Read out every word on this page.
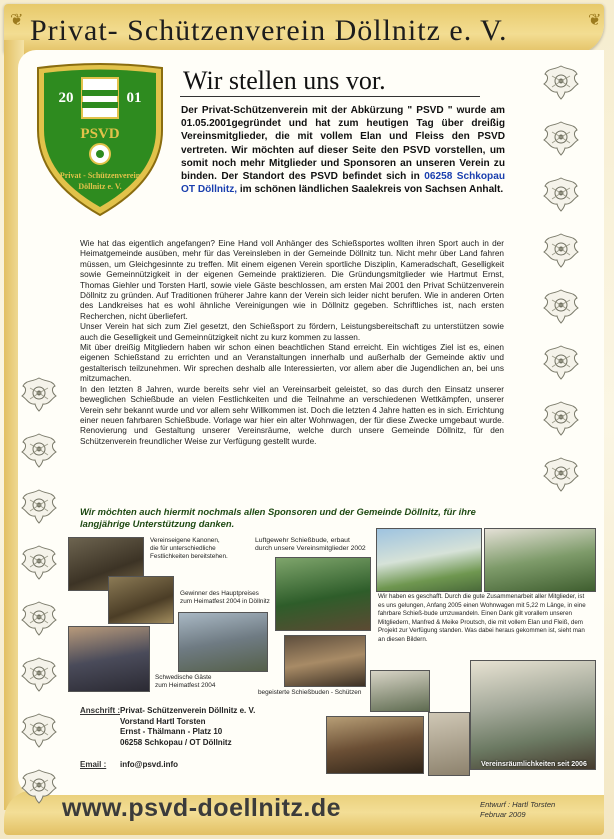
Privat- Schützenverein Döllnitz e. V.
❦	❦
20	01
PSVD
Privat - Schützenverein
Döllnitz e. V.
Wir stellen uns vor.
Der Privat-Schützenverein mit der Abkürzung " PSVD " wurde am 01.05.2001gegründet und hat zum heutigen Tag über dreißig Vereinsmitglieder, die mit vollem Elan und Fleiss den PSVD vertreten. Wir möchten auf dieser Seite den PSVD vorstellen, um somit noch mehr Mitglieder und Sponsoren an unseren Verein zu binden. Der Standort des PSVD befindet sich in 06258 Schkopau OT Döllnitz, im schönen ländlichen Saalekreis von Sachsen Anhalt.

Wie hat das eigentlich angefangen? Eine Hand voll Anhänger des Schießsportes wollten ihren Sport auch in der Heimatgemeinde ausüben, mehr für das Vereinsleben in der Gemeinde Döllnitz tun. Nicht mehr über Land fahren müssen, um Gleichgesinnte zu treffen. Mit einem eigenen Verein sportliche Disziplin, Kameradschaft, Geselligkeit sowie Gemeinnützigkeit in der eigenen Gemeinde praktizieren. Die Gründungsmitglieder wie Hartmut Ernst, Thomas Giehler und Torsten Hartl, sowie viele Gäste beschlossen, am ersten Mai 2001 den Privat Schützenverein Döllnitz zu gründen. Auf Traditionen früherer Jahre kann der Verein sich leider nicht berufen. Wie in anderen Orten des Landkreises hat es wohl ähnliche Vereinigungen wie in Döllnitz gegeben. Schriftliches ist, nach ersten Recherchen, nicht überliefert.

Unser Verein hat sich zum Ziel gesetzt, den Schießsport zu fördern, Leistungsbereitschaft zu unterstützen sowie auch die Geselligkeit und Gemeinnützigkeit nicht zu kurz kommen zu lassen.

Mit über dreißig Mitgliedern haben wir schon einen beachtlichen Stand erreicht. Ein wichtiges Ziel ist es, einen eigenen Schießstand zu errichten und an Veranstaltungen innerhalb und außerhalb der Gemeinde aktiv und gestalterisch teilzunehmen. Wir sprechen deshalb alle Interessierten, vor allem aber die Jugendlichen an, bei uns mitzumachen.

In den letzten 8 Jahren, wurde bereits sehr viel an Vereinsarbeit geleistet, so das durch den Einsatz unserer beweglichen Schießbude an vielen Festlichkeiten und die Teilnahme an verschiedenen Wettkämpfen, unserer Verein sehr bekannt wurde und vor allem sehr Willkommen ist. Doch die letzten 4 Jahre hatten es in sich. Errichtung einer neuen fahrbaren Schießbude. Vorlage war hier ein alter Wohnwagen, der für diese Zwecke umgebaut wurde. Renovierung und Gestaltung unserer Vereinsräume, welche durch unsere Gemeinde Döllnitz, für den Schützenverein freundlicher Weise zur Verfügung gestellt wurde.

Wir möchten auch hiermit nochmals allen Sponsoren und der Gemeinde Döllnitz, für ihre langjährige Unterstützung danken.
Vereinseigene Kanonen,
die für unterschiedliche
Festlichkeiten bereitstehen.
Luftgewehr Schießbude, erbaut
durch unsere Vereinsmitglieder 2002
Gewinner des Hauptpreises
zum Heimatfest 2004 in Döllnitz
Schwedische Gäste
zum Heimatfest 2004
begeisterte Schießbuden - Schützen
Wir haben es geschafft. Durch die gute Zusammenarbeit aller Mitglieder, ist es uns gelungen, Anfang 2005 einen Wohnwagen mit 5,22 m Länge, in eine fahrbare Schieß-bude umzuwandeln. Einen Dank gilt vorallem unseren Mitgliedern, Manfred & Meike Proutsch, die mit vollem Elan und Fleiß, dem Projekt zur Verfügung standen. Was dabei heraus gekommen ist, sieht man an diesen Bildern.
Vereinsräumlichkeiten seit 2006
Anschrift :Privat- Schützenverein Döllnitz e. V.
Vorstand Hartl Torsten
Ernst - Thälmann - Platz 10
06258 Schkopau / OT Döllnitz
Email : info@psvd.info
www.psvd-doellnitz.de	Entwurf : Hartl Torsten
Februar 2009
